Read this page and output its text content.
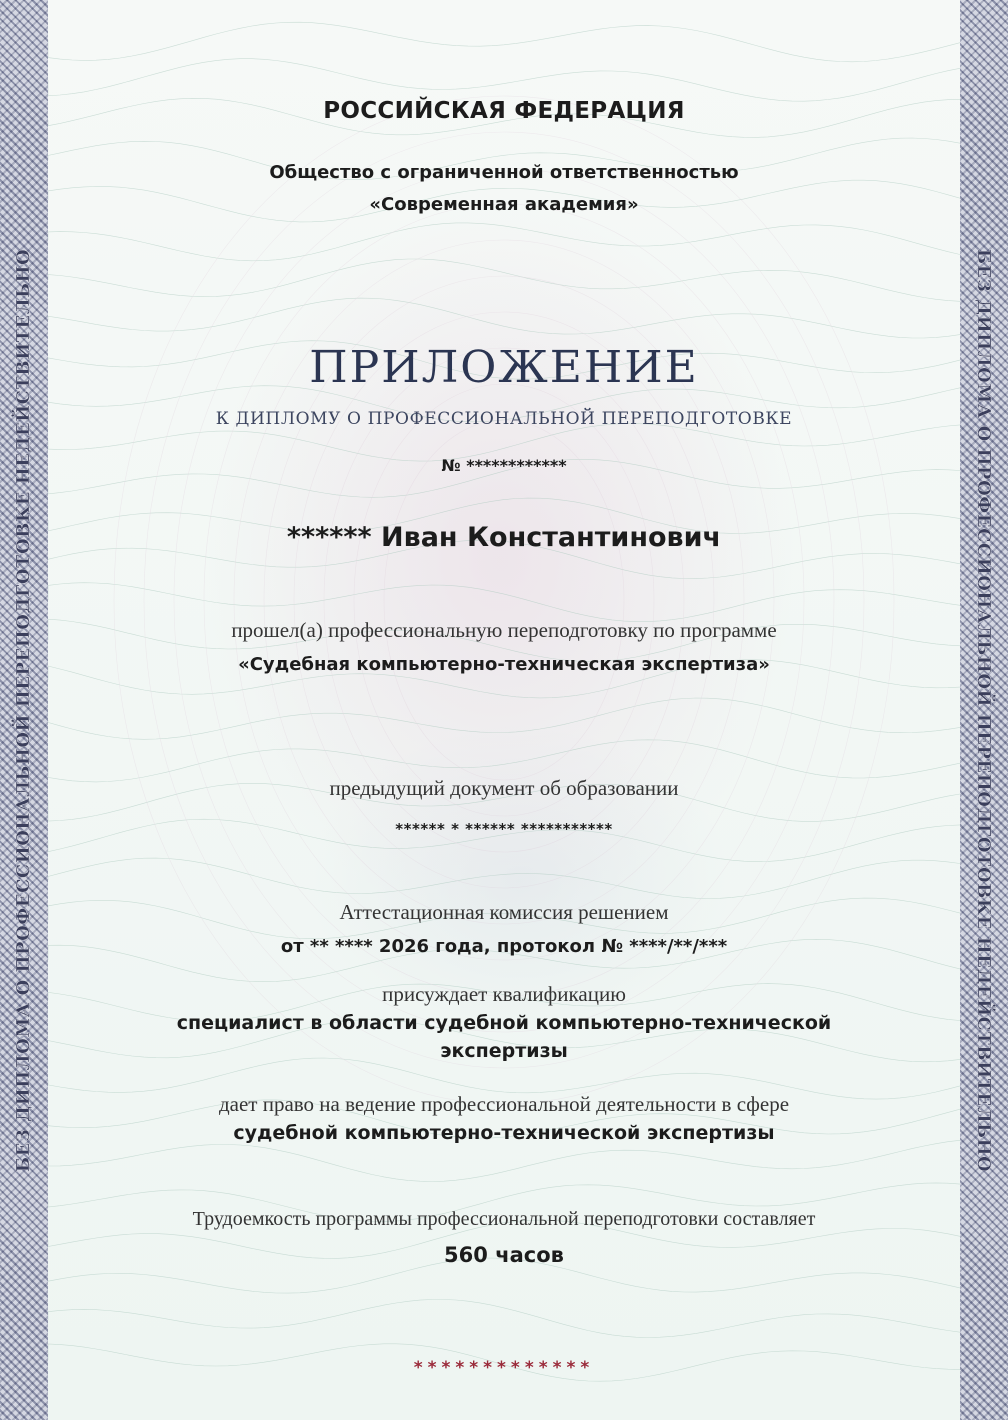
БЕЗ ДИПЛОМА О ПРОФЕССИОНАЛЬНОЙ ПЕРЕПОДГОТОВКЕ НЕДЕЙСТВИТЕЛЬНО	БЕЗ ДИПЛОМА О ПРОФЕССИОНАЛЬНОЙ ПЕРЕПОДГОТОВКЕ НЕДЕЙСТВИТЕЛЬНО
РОССИЙСКАЯ ФЕДЕРАЦИЯ
Общество с ограниченной ответственностью
«Современная академия»
ПРИЛОЖЕНИЕ
К ДИПЛОМУ О ПРОФЕССИОНАЛЬНОЙ ПЕРЕПОДГОТОВКЕ
№ ************
****** Иван Константинович
прошел(а) профессиональную переподготовку по программе
«Судебная компьютерно-техническая экспертиза»
предыдущий документ об образовании
****** * ****** ***********
Аттестационная комиссия решением
от ** **** 2026 года, протокол № ****/**/***
присуждает квалификацию
специалист в области судебной компьютерно-технической
экспертизы
дает право на ведение профессиональной деятельности в сфере
судебной компьютерно-технической экспертизы
Трудоемкость программы профессиональной переподготовки составляет
560 часов
*************
